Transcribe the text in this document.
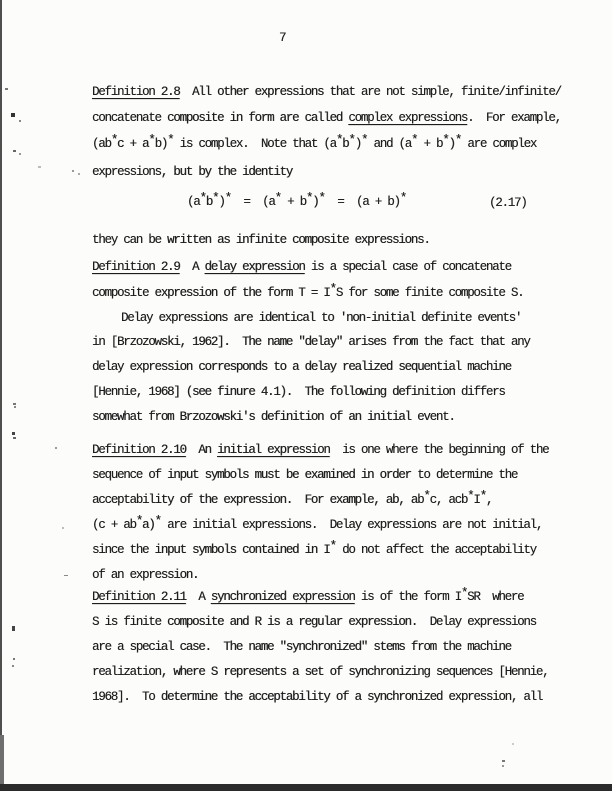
7

Definition 2.8  All other expressions that are not simple, finite/infinite/

concatenate composite in form are called complex expressions.  For example,

(ab*c + a*b)* is complex.  Note that (a*b*)* and (a* + b*)* are complex

expressions, but by the identity

(a*b*)*  =  (a* + b*)*  =  (a + b)*	(2.17)

they can be written as infinite composite expressions.

Definition 2.9  A delay expression is a special case of concatenate

composite expression of the form T = I*S for some finite composite S.

Delay expressions are identical to 'non-initial definite events'

in [Brzozowski, 1962].  The name "delay" arises from the fact that any

delay expression corresponds to a delay realized sequential machine

[Hennie, 1968] (see finure 4.1).  The following definition differs

somewhat from Brzozowski's definition of an initial event.

Definition 2.10  An initial expression  is one where the beginning of the

sequence of input symbols must be examined in order to determine the

acceptability of the expression.  For example, ab, ab*c, acb*I*,

(c + ab*a)* are initial expressions.  Delay expressions are not initial,

since the input symbols contained in I* do not affect the acceptability

of an expression.

Definition 2.11  A synchronized expression is of the form I*SR  where

S is finite composite and R is a regular expression.  Delay expressions

are a special case.  The name "synchronized" stems from the machine

realization, where S represents a set of synchronizing sequences [Hennie,

1968].  To determine the acceptability of a synchronized expression, all
